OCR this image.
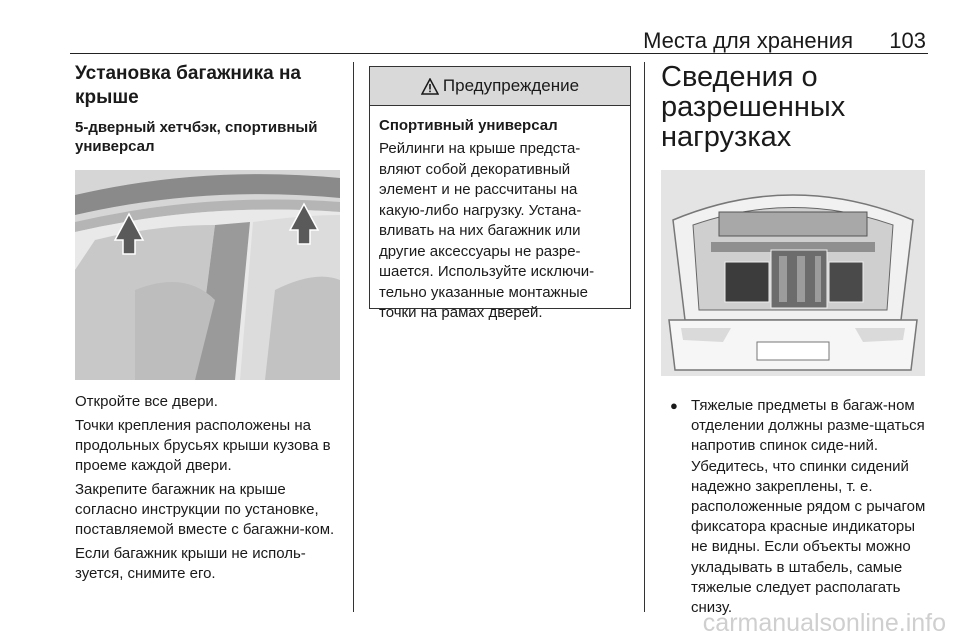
Места для хранения 103
Установка багажника на крыше
5-дверный хетчбэк, спортивный универсал
Откройте все двери.
Точки крепления расположены на продольных брусьях крыши кузова в проеме каждой двери.
Закрепите багажник на крыше согласно инструкции по установке, поставляемой вместе с багажни-ком.
Если багажник крыши не исполь-зуется, снимите его.
Предупреждение
Спортивный универсал
Рейлинги на крыше предста-вляют собой декоративный элемент и не рассчитаны на какую-либо нагрузку. Устана-вливать на них багажник или другие аксессуары не разре-шается. Используйте исключи-тельно указанные монтажные точки на рамах дверей.
Сведения о разрешенных нагрузках
● Тяжелые предметы в багаж-ном отделении должны разме-щаться напротив спинок сиде-ний. Убедитесь, что спинки сидений надежно закреплены, т. е. расположенные рядом с рычагом фиксатора красные индикаторы не видны. Если объекты можно укладывать в штабель, самые тяжелые следует располагать снизу.
carmanualsonline.info
